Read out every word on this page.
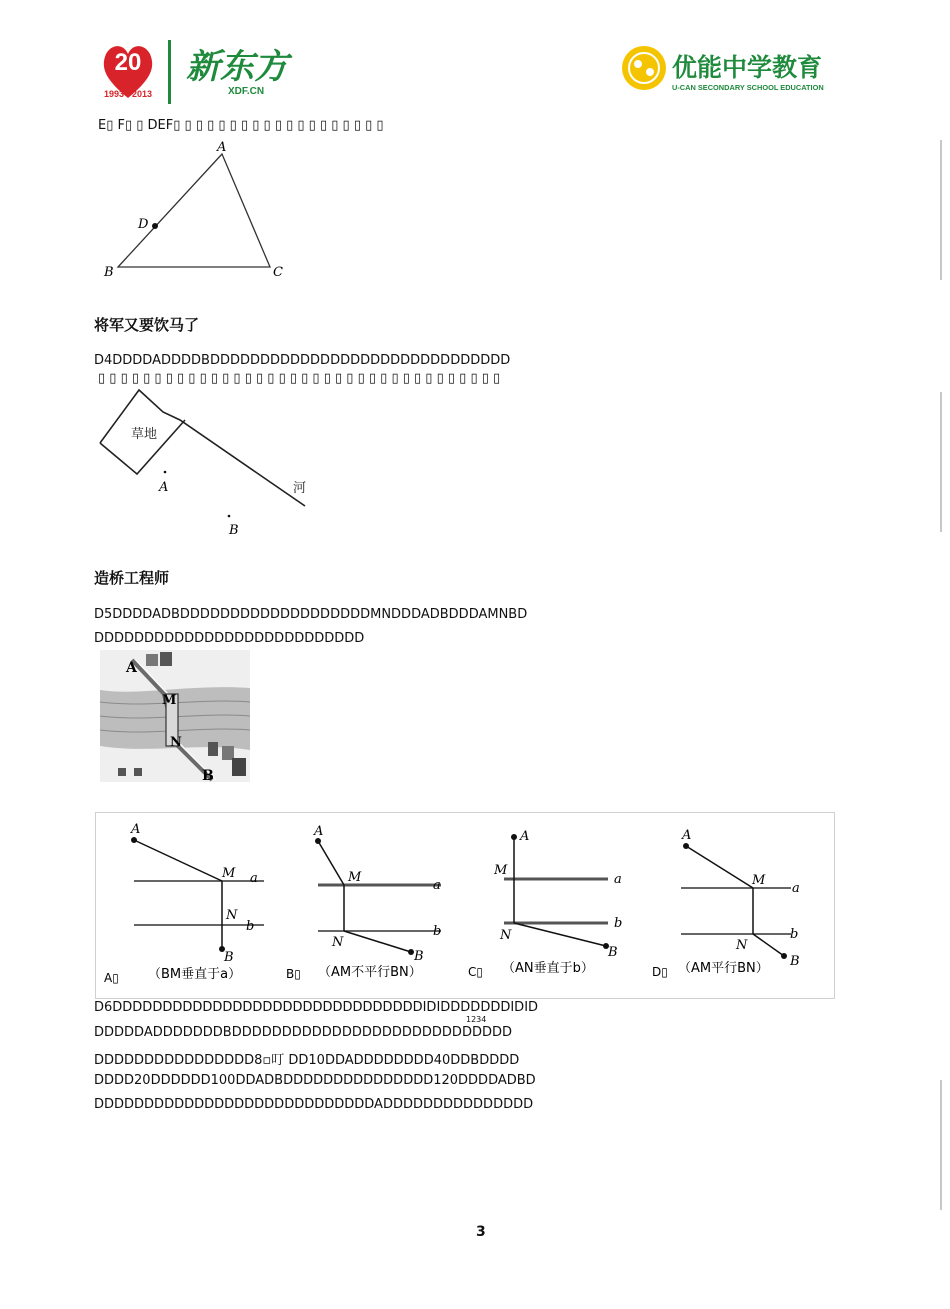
20
1993 - 2013
新东方
XDF.CN
优能中学教育
U-CAN SECONDARY SCHOOL EDUCATION
E▯ F▯ ▯ DEF▯ ▯ ▯ ▯ ▯ ▯ ▯ ▯ ▯ ▯ ▯ ▯ ▯ ▯ ▯ ▯ ▯ ▯ ▯
A
D
B	C
将军又要饮马了
D4DDDDADDDDBDDDDDDDDDDDDDDDDDDDDDDDDDDDDDD
▯ ▯ ▯ ▯ ▯ ▯ ▯ ▯ ▯ ▯ ▯ ▯ ▯ ▯ ▯ ▯ ▯ ▯ ▯ ▯ ▯ ▯ ▯ ▯ ▯ ▯ ▯ ▯ ▯ ▯ ▯ ▯ ▯ ▯ ▯ ▯
草地
河
A
B
造桥工程师
D5DDDDADBDDDDDDDDDDDDDDDDDDDMNDDDADBDDDAMNBD
DDDDDDDDDDDDDDDDDDDDDDDDDDD
A
M
N
B
A
M a
N
b
B
A
M
a
b
N
B
A
M
a
b
N
B
A
M
a
b
N
B
A▯ （BM垂直于a）	B▯ （AM不平行BN）	C▯ （AN垂直于b）	D▯ （AM平行BN）
D6DDDDDDDDDDDDDDDDDDDDDDDDDDDDDDDIDIDDDDDDDIDID
1234
DDDDDADDDDDDDBDDDDDDDDDDDDDDDDDDDDDDDDDDDD
DDDDDDDDDDDDDDDD8▫叮 DD10DDADDDDDDDD40DDBDDDD
DDDD20DDDDDD100DDADBDDDDDDDDDDDDDDD120DDDDADBD
DDDDDDDDDDDDDDDDDDDDDDDDDDDDADDDDDDDDDDDDDDD
3
